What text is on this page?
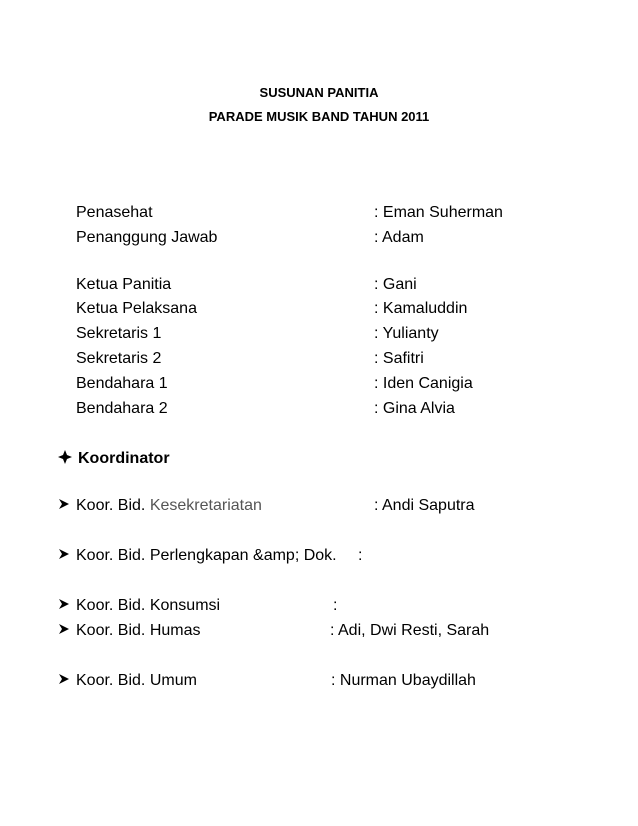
SUSUNAN PANITIA
PARADE MUSIK BAND TAHUN 2011
Penasehat	: Eman Suherman
Penanggung Jawab	: Adam
Ketua Panitia	: Gani
Ketua Pelaksana	: Kamaluddin
Sekretaris 1	: Yulianty
Sekretaris 2	: Safitri
Bendahara 1	: Iden Canigia
Bendahara 2	: Gina Alvia
Koordinator
Koor. Bid. Kesekretariatan	: Andi Saputra
Koor. Bid. Perlengkapan &amp; Dok. :
Koor. Bid. Konsumsi	:
Koor. Bid. Humas	: Adi, Dwi Resti, Sarah
Koor. Bid. Umum	: Nurman Ubaydillah
